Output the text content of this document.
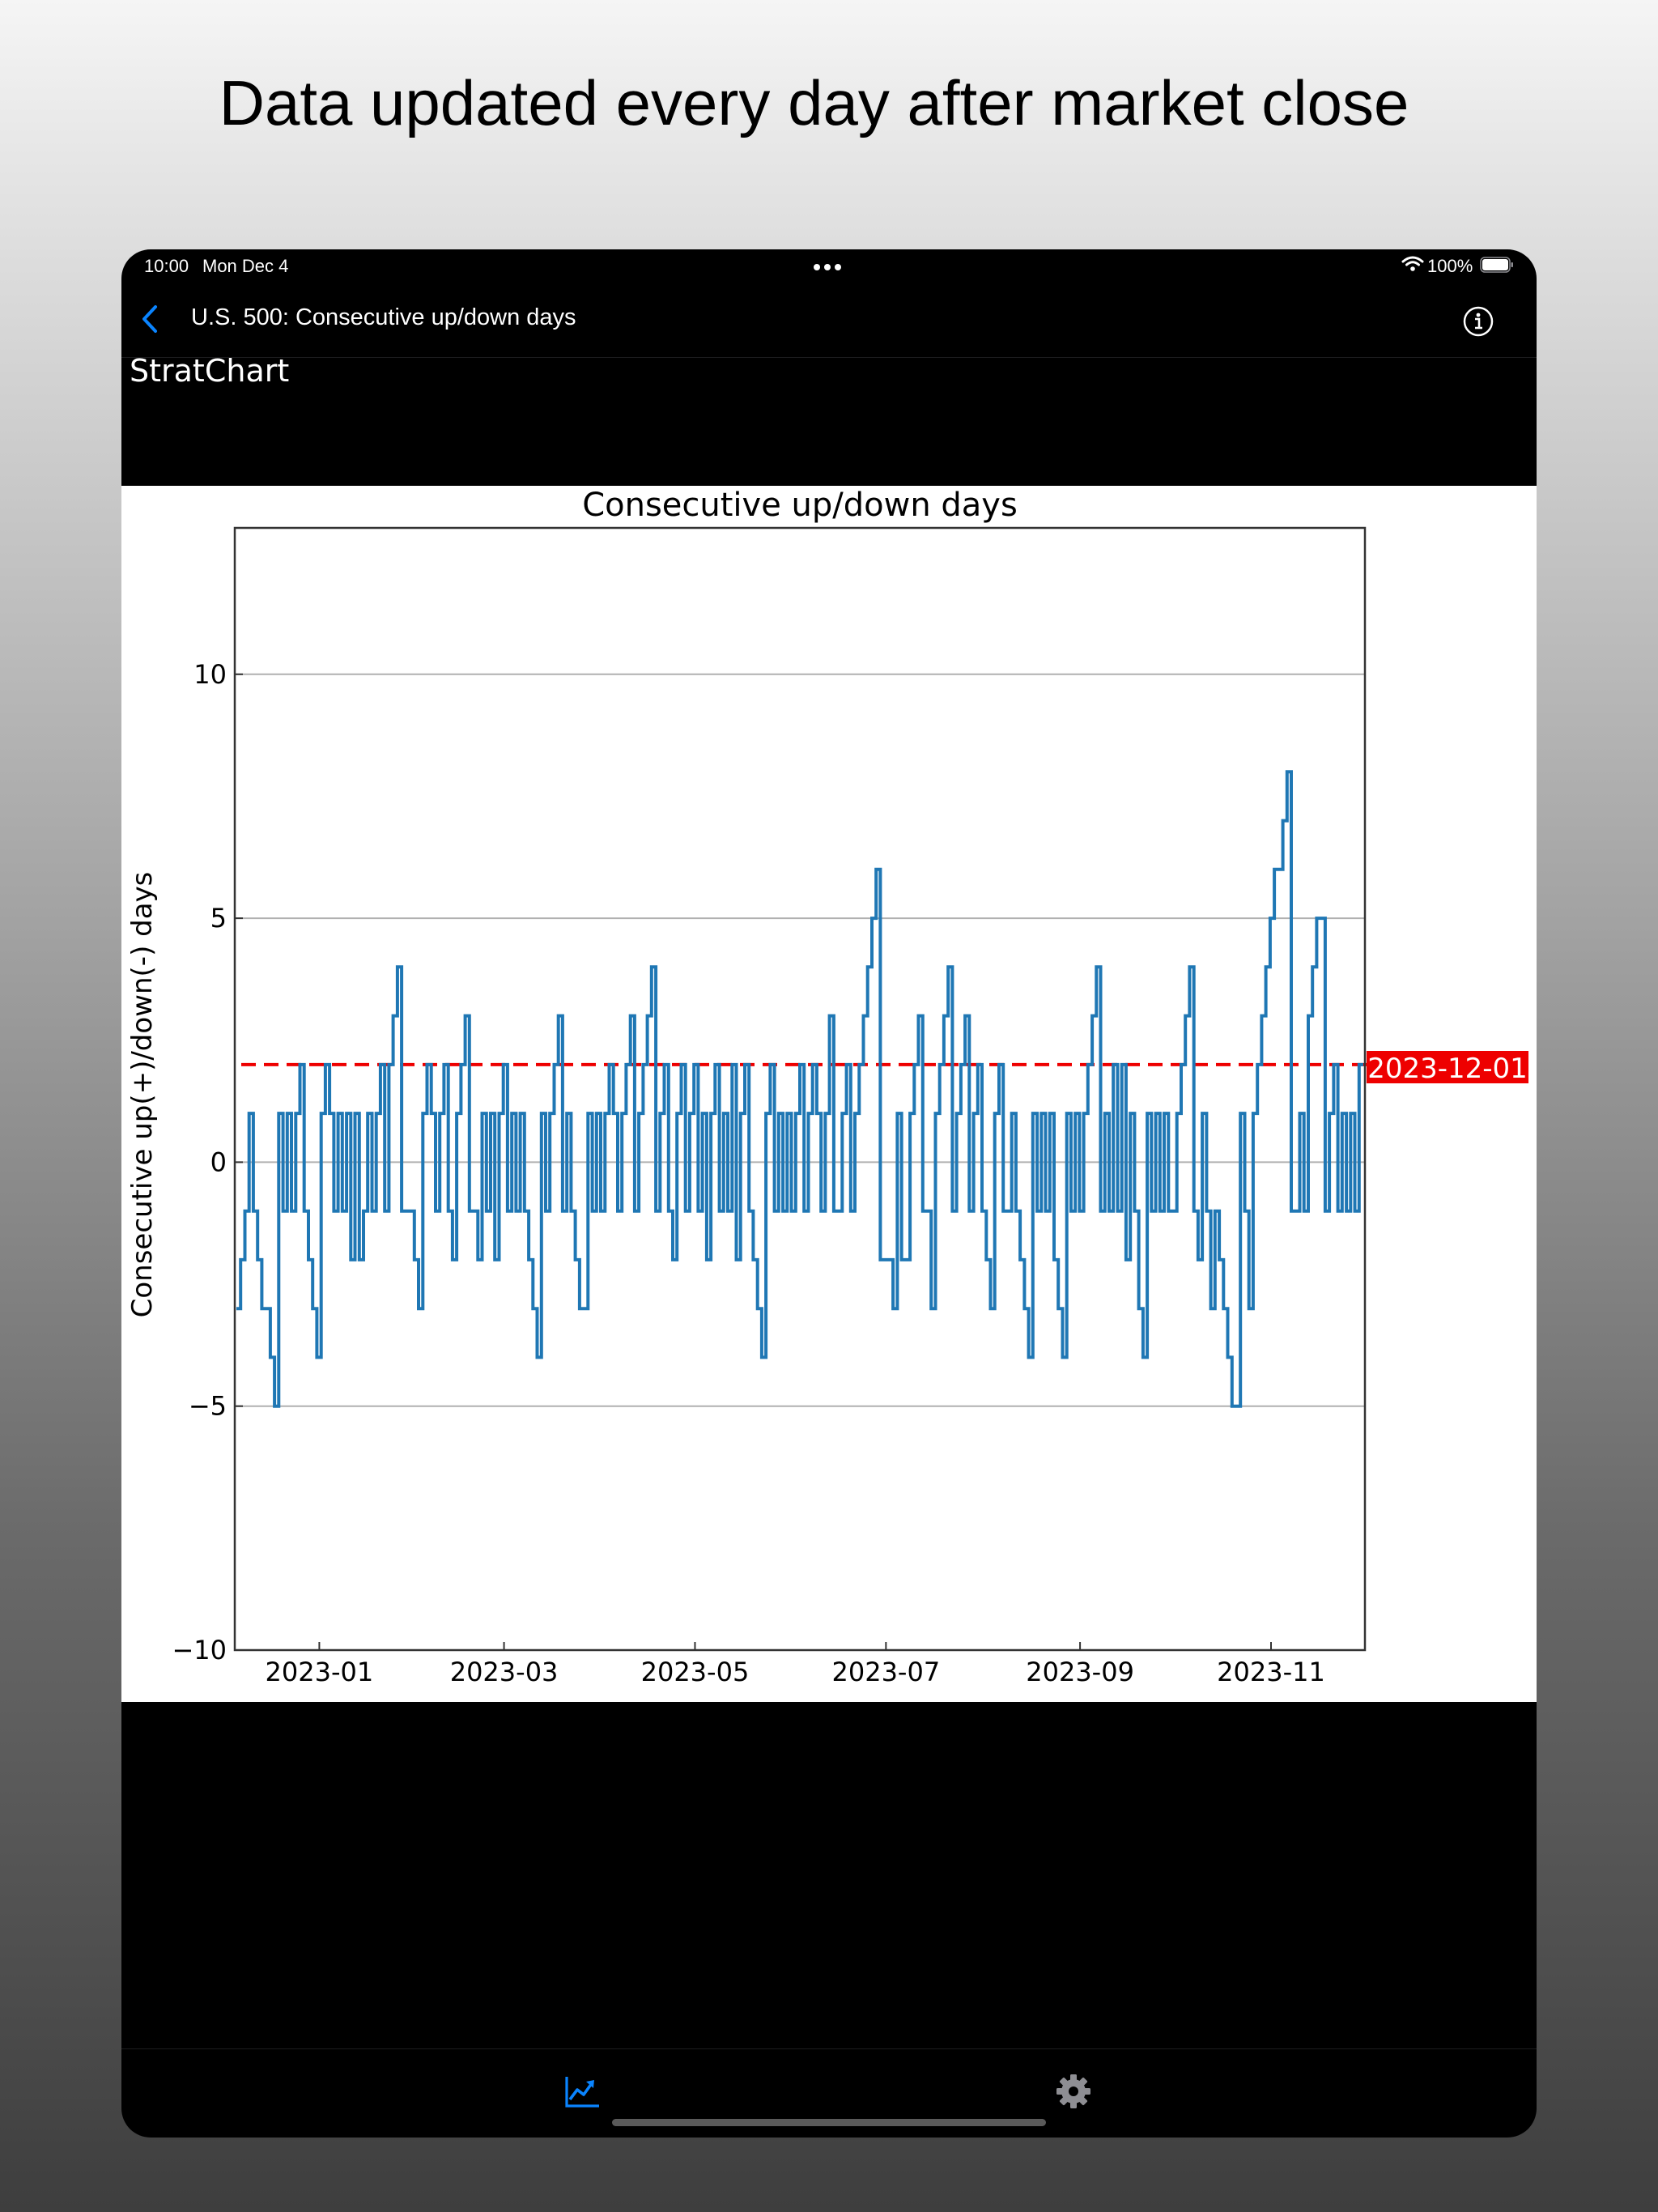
Data updated every day after market close
10:00 Mon Dec 4	100%
U.S. 500: Consecutive up/down days
StratChart
Consecutive up/down days
Consecutive up(+)/down(-) days
−10
−5
0
5
10
2023-01	2023-03	2023-05	2023-07	2023-09	2023-11
2023-12-01
